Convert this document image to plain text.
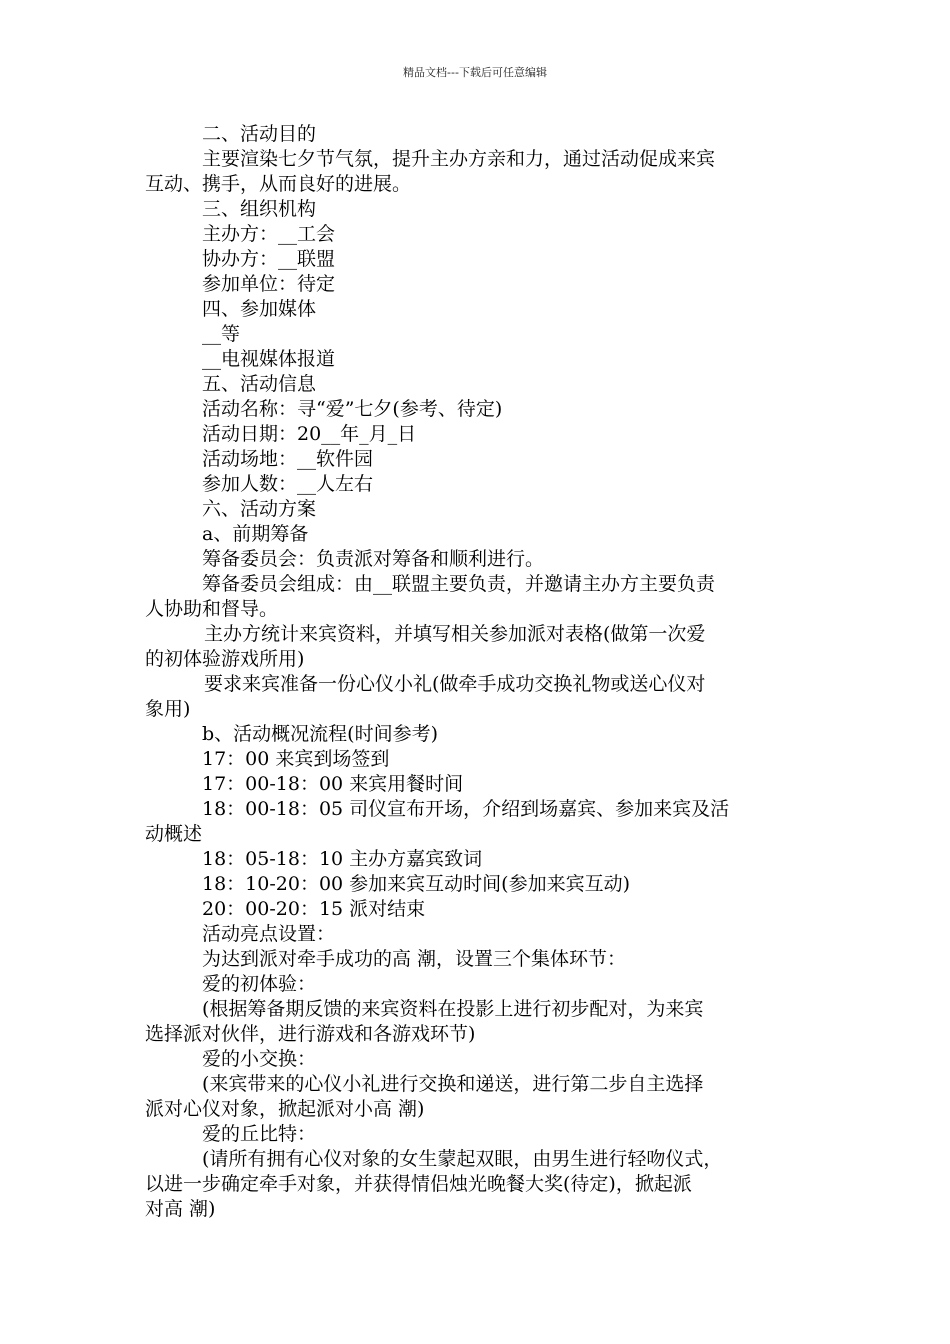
精品文档---下载后可任意编辑
二、活动目的
主要渲染七夕节气氛，提升主办方亲和力，通过活动促成来宾
互动、携手，从而良好的进展。
三、组织机构
主办方：__工会
协办方：__联盟
参加单位：待定
四、参加媒体
__等
__电视媒体报道
五、活动信息
活动名称：寻“爱”七夕(参考、待定)
活动日期：20__年_月_日
活动场地：__软件园
参加人数：__人左右
六、活动方案
a、前期筹备
筹备委员会：负责派对筹备和顺利进行。
筹备委员会组成：由__联盟主要负责，并邀请主办方主要负责
人协助和督导。
主办方统计来宾资料，并填写相关参加派对表格(做第一次爱
的初体验游戏所用)
要求来宾准备一份心仪小礼(做牵手成功交换礼物或送心仪对
象用)
b、活动概况流程(时间参考)
17：00 来宾到场签到
17：00-18：00 来宾用餐时间
18：00-18：05 司仪宣布开场，介绍到场嘉宾、参加来宾及活
动概述
18：05-18：10 主办方嘉宾致词
18：10-20：00 参加来宾互动时间(参加来宾互动)
20：00-20：15 派对结束
活动亮点设置：
为达到派对牵手成功的高 潮，设置三个集体环节：
爱的初体验：
(根据筹备期反馈的来宾资料在投影上进行初步配对，为来宾
选择派对伙伴，进行游戏和各游戏环节)
爱的小交换：
(来宾带来的心仪小礼进行交换和递送，进行第二步自主选择
派对心仪对象，掀起派对小高 潮)
爱的丘比特：
(请所有拥有心仪对象的女生蒙起双眼，由男生进行轻吻仪式，
以进一步确定牵手对象，并获得情侣烛光晚餐大奖(待定)，掀起派
对高 潮)
